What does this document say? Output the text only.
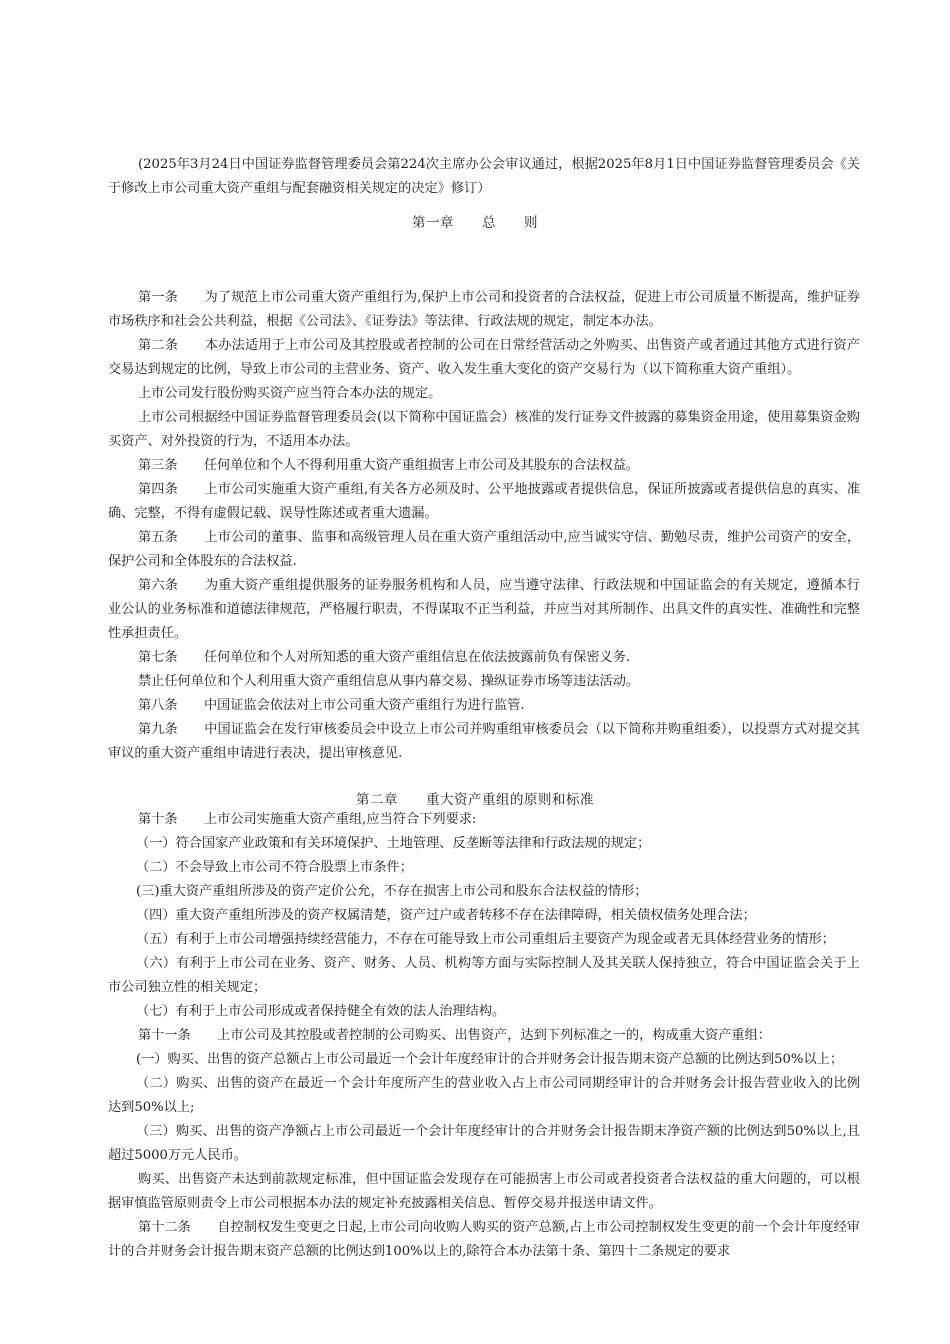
(2025年3月24日中国证券监督管理委员会第224次主席办公会审议通过，根据2025年8月1日中国证券监督管理委员会《关于修改上市公司重大资产重组与配套融资相关规定的决定》修订）

第一章　　总　　则

第一条　　 为了规范上市公司重大资产重组行为,保护上市公司和投资者的合法权益，促进上市公司质量不断提高，维护证券市场秩序和社会公共利益，根据《公司法》、《证券法》等法律、行政法规的规定，制定本办法。

第二条　　 本办法适用于上市公司及其控股或者控制的公司在日常经营活动之外购买、出售资产或者通过其他方式进行资产交易达到规定的比例，导致上市公司的主营业务、资产、收入发生重大变化的资产交易行为（以下简称重大资产重组）。

上市公司发行股份购买资产应当符合本办法的规定。

上市公司根据经中国证券监督管理委员会(以下简称中国证监会）核准的发行证券文件披露的募集资金用途，使用募集资金购买资产、对外投资的行为，不适用本办法。

第三条　　 任何单位和个人不得利用重大资产重组损害上市公司及其股东的合法权益。

第四条　　 上市公司实施重大资产重组,有关各方必须及时、公平地披露或者提供信息，保证所披露或者提供信息的真实、准确、完整，不得有虚假记载、误导性陈述或者重大遗漏。

第五条　　 上市公司的董事、监事和高级管理人员在重大资产重组活动中,应当诚实守信、勤勉尽责，维护公司资产的安全，保护公司和全体股东的合法权益.

第六条　　 为重大资产重组提供服务的证券服务机构和人员，应当遵守法律、行政法规和中国证监会的有关规定，遵循本行业公认的业务标准和道德法律规范，严格履行职责，不得谋取不正当利益，并应当对其所制作、出具文件的真实性、准确性和完整性承担责任。

第七条　　 任何单位和个人对所知悉的重大资产重组信息在依法披露前负有保密义务.

禁止任何单位和个人利用重大资产重组信息从事内幕交易、操纵证券市场等违法活动。

第八条　　 中国证监会依法对上市公司重大资产重组行为进行监管.

第九条　　 中国证监会在发行审核委员会中设立上市公司并购重组审核委员会（以下简称并购重组委），以投票方式对提交其审议的重大资产重组申请进行表决，提出审核意见.

第二章　　重大资产重组的原则和标准

第十条　　 上市公司实施重大资产重组,应当符合下列要求:

（一）符合国家产业政策和有关环境保护、土地管理、反垄断等法律和行政法规的规定；

（二）不会导致上市公司不符合股票上市条件；

(三)重大资产重组所涉及的资产定价公允，不存在损害上市公司和股东合法权益的情形；

（四）重大资产重组所涉及的资产权属清楚，资产过户或者转移不存在法律障碍，相关债权债务处理合法；

（五）有利于上市公司增强持续经营能力，不存在可能导致上市公司重组后主要资产为现金或者无具体经营业务的情形；

（六）有利于上市公司在业务、资产、财务、人员、机构等方面与实际控制人及其关联人保持独立，符合中国证监会关于上市公司独立性的相关规定；

（七）有利于上市公司形成或者保持健全有效的法人治理结构。

第十一条　　 上市公司及其控股或者控制的公司购买、出售资产，达到下列标准之一的，构成重大资产重组：

(一）购买、出售的资产总额占上市公司最近一个会计年度经审计的合并财务会计报告期末资产总额的比例达到50%以上；

（二）购买、出售的资产在最近一个会计年度所产生的营业收入占上市公司同期经审计的合并财务会计报告营业收入的比例达到50%以上;

（三）购买、出售的资产净额占上市公司最近一个会计年度经审计的合并财务会计报告期末净资产额的比例达到50%以上,且超过5000万元人民币。

购买、出售资产未达到前款规定标准，但中国证监会发现存在可能损害上市公司或者投资者合法权益的重大问题的，可以根据审慎监管原则责令上市公司根据本办法的规定补充披露相关信息、暂停交易并报送申请文件。

第十二条　　 自控制权发生变更之日起,上市公司向收购人购买的资产总额,占上市公司控制权发生变更的前一个会计年度经审计的合并财务会计报告期末资产总额的比例达到100%以上的,除符合本办法第十条、第四十二条规定的要求
